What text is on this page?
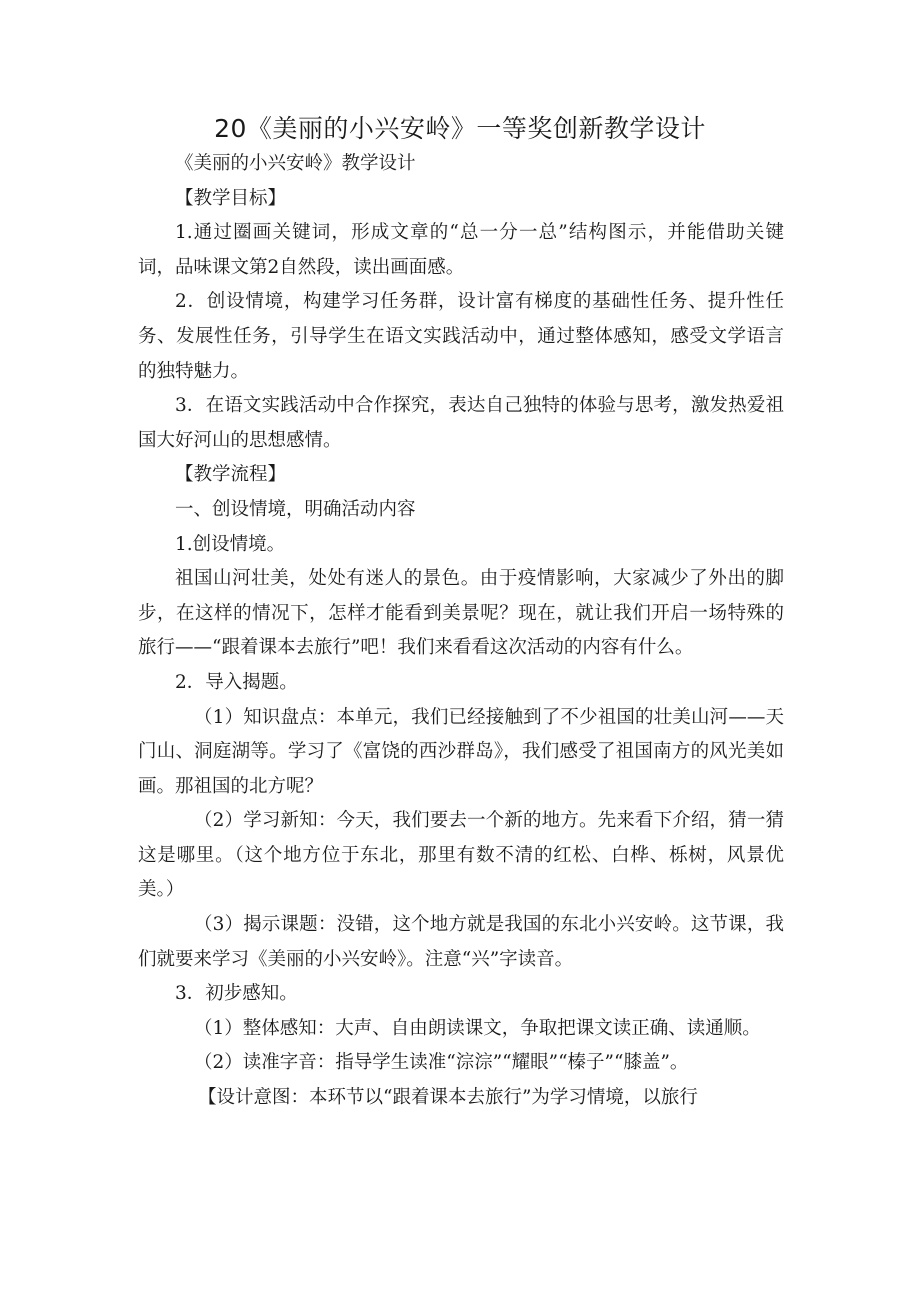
20《美丽的小兴安岭》一等奖创新教学设计

《美丽的小兴安岭》教学设计

【教学目标】

1.通过圈画关键词，形成文章的“总一分一总”结构图示，并能借助关键词，品味课文第2自然段，读出画面感。

2．创设情境，构建学习任务群，设计富有梯度的基础性任务、提升性任务、发展性任务，引导学生在语文实践活动中，通过整体感知，感受文学语言的独特魅力。

3．在语文实践活动中合作探究，表达自己独特的体验与思考，激发热爱祖国大好河山的思想感情。

【教学流程】

一、创设情境，明确活动内容

1.创设情境。

祖国山河壮美，处处有迷人的景色。由于疫情影响，大家减少了外出的脚步，在这样的情况下，怎样才能看到美景呢？现在，就让我们开启一场特殊的旅行——“跟着课本去旅行”吧！我们来看看这次活动的内容有什么。

2．导入揭题。

（1）知识盘点：本单元，我们已经接触到了不少祖国的壮美山河——天门山、洞庭湖等。学习了《富饶的西沙群岛》，我们感受了祖国南方的风光美如画。那祖国的北方呢？

（2）学习新知：今天，我们要去一个新的地方。先来看下介绍，猜一猜这是哪里。（这个地方位于东北，那里有数不清的红松、白桦、栎树，风景优美。）

（3）揭示课题：没错，这个地方就是我国的东北小兴安岭。这节课，我们就要来学习《美丽的小兴安岭》。注意“兴”字读音。

3．初步感知。

（1）整体感知：大声、自由朗读课文，争取把课文读正确、读通顺。

（2）读准字音：指导学生读准“淙淙”“耀眼”“榛子”“膝盖”。

【设计意图：本环节以“跟着课本去旅行”为学习情境，以旅行
